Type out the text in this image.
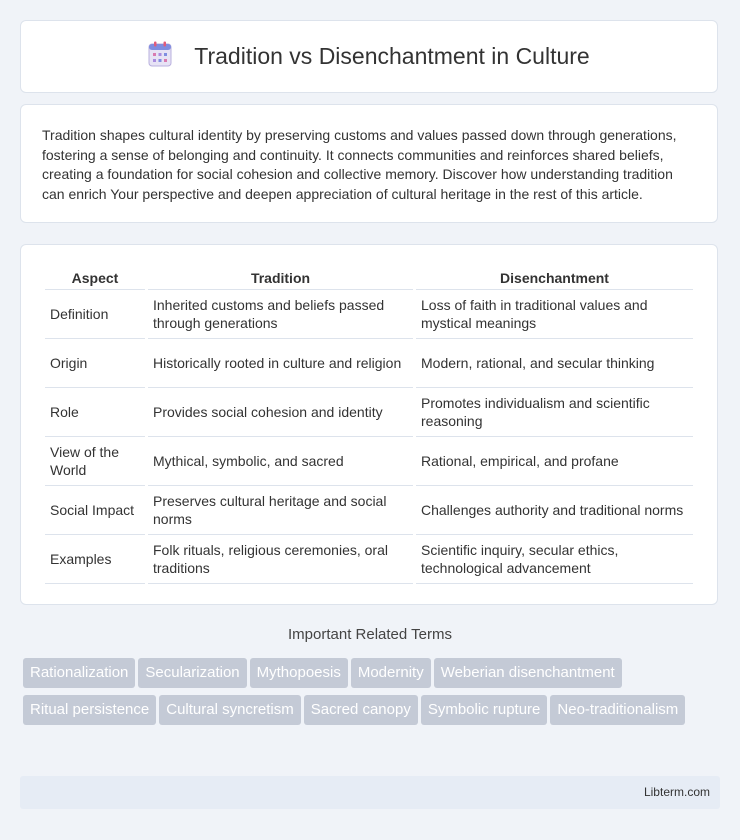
Tradition vs Disenchantment in Culture
Tradition shapes cultural identity by preserving customs and values passed down through generations, fostering a sense of belonging and continuity. It connects communities and reinforces shared beliefs, creating a foundation for social cohesion and collective memory. Discover how understanding tradition can enrich Your perspective and deepen appreciation of cultural heritage in the rest of this article.
Aspect	Tradition	Disenchantment
Definition	Inherited customs and beliefs passed through generations	Loss of faith in traditional values and mystical meanings
Origin	Historically rooted in culture and religion	Modern, rational, and secular thinking
Role	Provides social cohesion and identity	Promotes individualism and scientific reasoning
View of the World	Mythical, symbolic, and sacred	Rational, empirical, and profane
Social Impact	Preserves cultural heritage and social norms	Challenges authority and traditional norms
Examples	Folk rituals, religious ceremonies, oral traditions	Scientific inquiry, secular ethics, technological advancement
Important Related Terms
Rationalization Secularization Mythopoesis Modernity Weberian disenchantmentRitual persistence Cultural syncretism Sacred canopy Symbolic rupture Neo-traditionalism
Libterm.com
